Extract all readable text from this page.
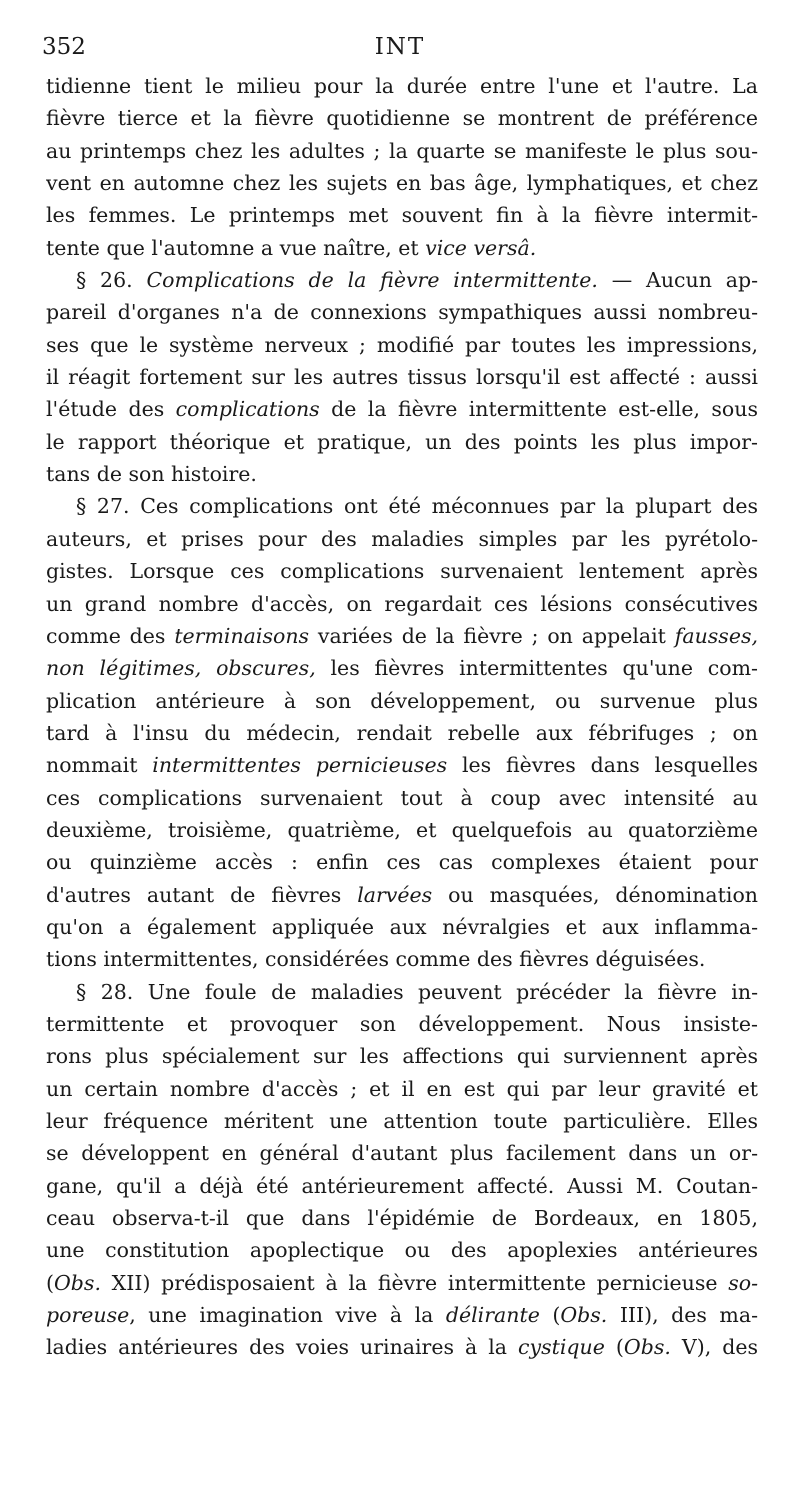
352	INT
tidienne tient le milieu pour la durée entre l'une et l'autre. La
fièvre tierce et la fièvre quotidienne se montrent de préférence
au printemps chez les adultes ; la quarte se manifeste le plus sou-
vent en automne chez les sujets en bas âge, lymphatiques, et chez
les femmes. Le printemps met souvent fin à la fièvre intermit-
tente que l'automne a vue naître, et vice versâ.
§ 26. Complications de la fièvre intermittente. — Aucun ap-
pareil d'organes n'a de connexions sympathiques aussi nombreu-
ses que le système nerveux ; modifié par toutes les impressions,
il réagit fortement sur les autres tissus lorsqu'il est affecté : aussi
l'étude des complications de la fièvre intermittente est-elle, sous
le rapport théorique et pratique, un des points les plus impor-
tans de son histoire.
§ 27. Ces complications ont été méconnues par la plupart des
auteurs, et prises pour des maladies simples par les pyrétolo-
gistes. Lorsque ces complications survenaient lentement après
un grand nombre d'accès, on regardait ces lésions consécutives
comme des terminaisons variées de la fièvre ; on appelait fausses,
non légitimes, obscures, les fièvres intermittentes qu'une com-
plication antérieure à son développement, ou survenue plus
tard à l'insu du médecin, rendait rebelle aux fébrifuges ; on
nommait intermittentes pernicieuses les fièvres dans lesquelles
ces complications survenaient tout à coup avec intensité au
deuxième, troisième, quatrième, et quelquefois au quatorzième
ou quinzième accès : enfin ces cas complexes étaient pour
d'autres autant de fièvres larvées ou masquées, dénomination
qu'on a également appliquée aux névralgies et aux inflamma-
tions intermittentes, considérées comme des fièvres déguisées.
§ 28. Une foule de maladies peuvent précéder la fièvre in-
termittente et provoquer son développement. Nous insiste-
rons plus spécialement sur les affections qui surviennent après
un certain nombre d'accès ; et il en est qui par leur gravité et
leur fréquence méritent une attention toute particulière. Elles
se développent en général d'autant plus facilement dans un or-
gane, qu'il a déjà été antérieurement affecté. Aussi M. Coutan-
ceau observa-t-il que dans l'épidémie de Bordeaux, en 1805,
une constitution apoplectique ou des apoplexies antérieures
(Obs. XII) prédisposaient à la fièvre intermittente pernicieuse so-
poreuse, une imagination vive à la délirante (Obs. III), des ma-
ladies antérieures des voies urinaires à la cystique (Obs. V), des
